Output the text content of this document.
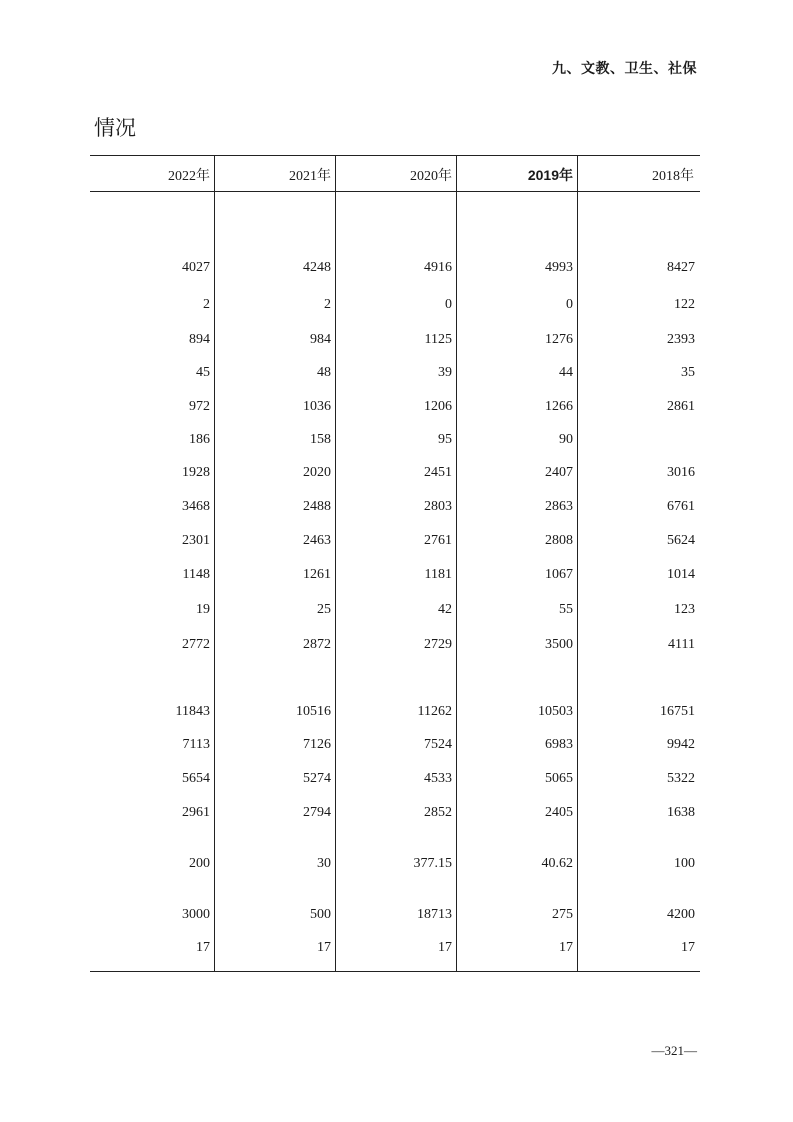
九、文教、卫生、社保
情况
2022年	2021年	2020年	2019年	2018年
4027	4248	4916	4993	8427
2	2	0	0	122
894	984	1125	1276	2393
45	48	39	44	35
972	1036	1206	1266	2861
186	158	95	90
1928	2020	2451	2407	3016
3468	2488	2803	2863	6761
2301	2463	2761	2808	5624
1148	1261	1181	1067	1014
19	25	42	55	123
2772	2872	2729	3500	4111
11843	10516	11262	10503	16751
7113	7126	7524	6983	9942
5654	5274	4533	5065	5322
2961	2794	2852	2405	1638
200	30	377.15	40.62	100
3000	500	18713	275	4200
17	17	17	17	17
—321—
